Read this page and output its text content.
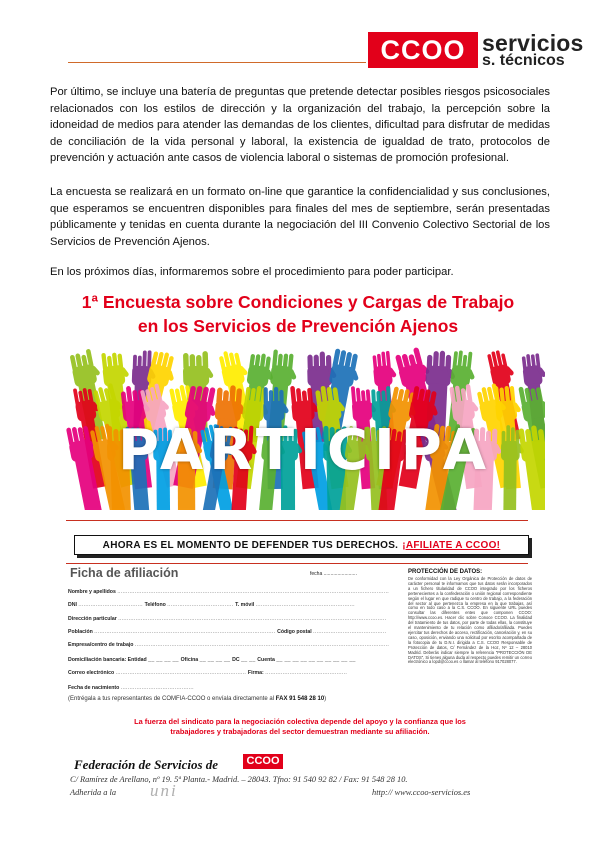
CCOO servicios
s. técnicos

Por último, se incluye una batería de preguntas que pretende detectar posibles riesgos psicosociales relacionados con los estilos de dirección y la organización del trabajo, la percepción sobre la idoneidad de medios para atender las demandas de los clientes, dificultad para disfrutar de medidas de conciliación de la vida personal y laboral, la existencia de igualdad de trato, protocolos de prevención y actuación ante casos de violencia laboral o sistemas de promoción profesional.

La encuesta se realizará en un formato on-line que garantice la confidencialidad y sus conclusiones, que esperamos se encuentren disponibles para finales del mes de septiembre, serán presentadas públicamente y tenidas en cuenta durante la negociación del III Convenio Colectivo Sectorial de los Servicios de Prevención Ajenos.

En los próximos días, informaremos sobre el procedimiento para poder participar.

1ª Encuesta sobre Condiciones y Cargas de Trabajo
en los Servicios de Prevención Ajenos
PARTICIPA
AHORA ES EL MOMENTO DE DEFENDER TUS DERECHOS. ¡AFILIATE A CCOO!
Ficha de afiliación	fecha ........................
Nombre y apellidos ............................................................................................................................................................
DNI ..................................... Teléfono ...................................... T. móvil .........................................................
Dirección particular ..........................................................................................................................................................
Población ........................................................................................................ Código postal ..........................................
Empresa/centro de trabajo ..................................................................................................................................................
Domiciliación bancaria: Entidad __ __ __ __ Oficina __ __ __ __ DC __ __ Cuenta __ __ __ __ __ __ __ __ __ __
Correo electrónico ........................................................................... Firma: ...............................................
Fecha de nacimiento ..........................................
(Entrégala a tus representantes de COMFIA-CCOO o envíala directamente al FAX 91 548 28 10)
PROTECCIÓN DE DATOS:
De conformidad con la Ley Orgánica de Protección de datos de carácter personal te informamos que tus datos serán incorporados a un fichero titularidad de CCOO integrado por los ficheros pertenecientes a la confederación o unión regional correspondiente según el lugar en que radique tu centro de trabajo, a la federación del sector al que pertenezca la empresa en la que trabajas, así como en todo caso a la C.S. CCOO. En siguiente URL puedes consultar las diferentes entes que componen CCOO: http://www.ccoo.es. Hacer clic sobre Conoce CCOO. La finalidad del tratamiento de tus datos, por parte de todas ellas, la constituye el mantenimiento de tu relación como afiliado/afiliada. Puedes ejercitar tus derechos de acceso, rectificación, cancelación y, en su caso, oposición, enviando una solicitud por escrito acompañada de la fotocopia de tu D.N.I. dirigida a C.S. CCOO Responsable de Protección de datos, C/ Fernández de la Hoz, Nº 12 – 28010 Madrid. Deberás indicar siempre la referencia “PROTECCIÓN DE DATOS”. Si tienes alguna duda al respecto puedes remitir un correo electrónico a lopd@ccoo.es o llamar al teléfono 917028077.
La fuerza del sindicato para la negociación colectiva depende del apoyo y la confianza que los
trabajadores y trabajadoras del sector demuestran mediante su afiliación.
Federación de Servicios de	CCOO
C/ Ramírez de Arellano, nº 19. 5ª Planta.- Madrid. – 28043. Tfno: 91 540 92 82 / Fax: 91 548 28 10.
Adherida a la uni	http:// www.ccoo-servicios.es
